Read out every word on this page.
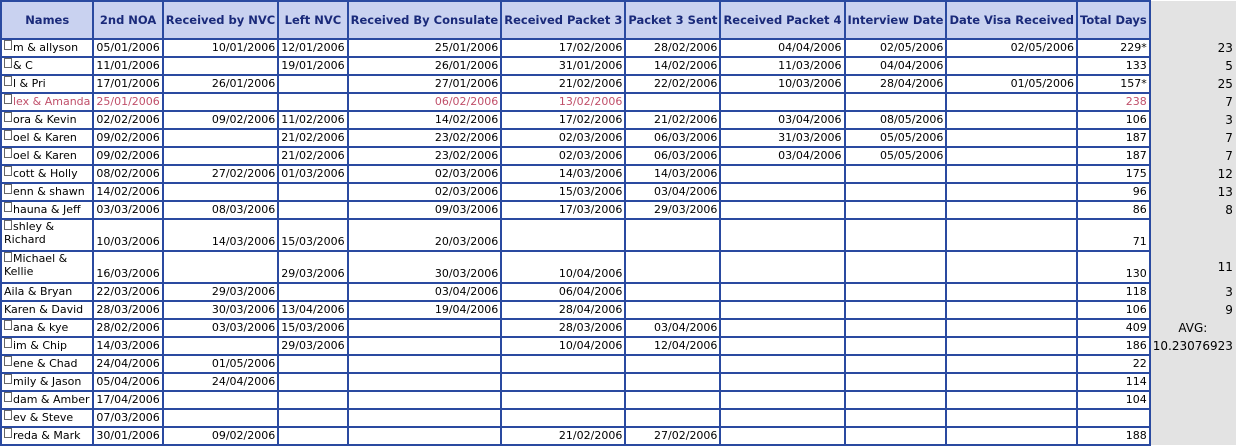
Names	2nd NOA	Received by NVC	Left NVC	Received By Consulate	Received Packet 3	Packet 3 Sent	Received Packet 4	Interview Date	Date Visa Received	Total Days	
m & allyson	05/01/2006	10/01/2006	12/01/2006	25/01/2006	17/02/2006	28/02/2006	04/04/2006	02/05/2006	02/05/2006	229*	23
& C	11/01/2006		19/01/2006	26/01/2006	31/01/2006	14/02/2006	11/03/2006	04/04/2006		133	5
l & Pri	17/01/2006	26/01/2006		27/01/2006	21/02/2006	22/02/2006	10/03/2006	28/04/2006	01/05/2006	157*	25
lex & Amanda	25/01/2006			06/02/2006	13/02/2006					238	7
ora & Kevin	02/02/2006	09/02/2006	11/02/2006	14/02/2006	17/02/2006	21/02/2006	03/04/2006	08/05/2006		106	3
oel & Karen	09/02/2006		21/02/2006	23/02/2006	02/03/2006	06/03/2006	31/03/2006	05/05/2006		187	7
oel & Karen	09/02/2006		21/02/2006	23/02/2006	02/03/2006	06/03/2006	03/04/2006	05/05/2006		187	7
cott & Holly	08/02/2006	27/02/2006	01/03/2006	02/03/2006	14/03/2006	14/03/2006				175	12
enn & shawn	14/02/2006			02/03/2006	15/03/2006	03/04/2006				96	13
hauna & Jeff	03/03/2006	08/03/2006		09/03/2006	17/03/2006	29/03/2006				86	8
shley & Richard	10/03/2006	14/03/2006	15/03/2006	20/03/2006						71	
Michael & Kellie	16/03/2006		29/03/2006	30/03/2006	10/04/2006					130	11
Aila & Bryan	22/03/2006	29/03/2006		03/04/2006	06/04/2006					118	3
Karen & David	28/03/2006	30/03/2006	13/04/2006	19/04/2006	28/04/2006					106	9
ana & kye	28/02/2006	03/03/2006	15/03/2006		28/03/2006	03/04/2006				409	AVG:
im & Chip	14/03/2006		29/03/2006		10/04/2006	12/04/2006				186	10.23076923
ene & Chad	24/04/2006	01/05/2006								22	
mily & Jason	05/04/2006	24/04/2006								114	
dam & Amber	17/04/2006									104	
ev & Steve	07/03/2006										
reda & Mark	30/01/2006	09/02/2006			21/02/2006	27/02/2006				188	
